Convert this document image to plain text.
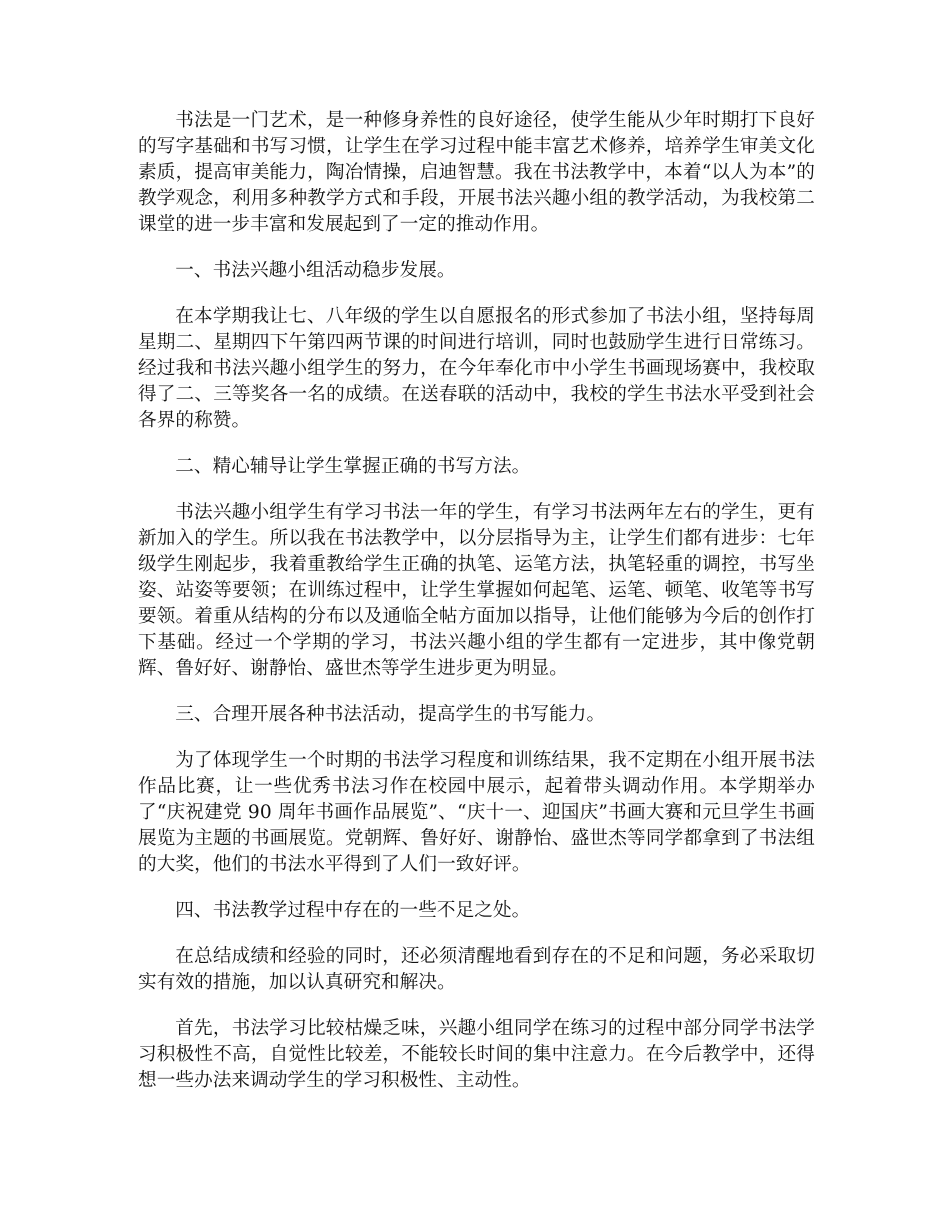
书法是一门艺术，是一种修身养性的良好途径，使学生能从少年时期打下良好的写字基础和书写习惯，让学生在学习过程中能丰富艺术修养，培养学生审美文化素质，提高审美能力，陶冶情操，启迪智慧。我在书法教学中，本着“以人为本”的教学观念，利用多种教学方式和手段，开展书法兴趣小组的教学活动，为我校第二课堂的进一步丰富和发展起到了一定的推动作用。

一、书法兴趣小组活动稳步发展。

在本学期我让七、八年级的学生以自愿报名的形式参加了书法小组，坚持每周星期二、星期四下午第四两节课的时间进行培训，同时也鼓励学生进行日常练习。经过我和书法兴趣小组学生的努力，在今年奉化市中小学生书画现场赛中，我校取得了二、三等奖各一名的成绩。在送春联的活动中，我校的学生书法水平受到社会各界的称赞。

二、精心辅导让学生掌握正确的书写方法。

书法兴趣小组学生有学习书法一年的学生，有学习书法两年左右的学生，更有新加入的学生。所以我在书法教学中，以分层指导为主，让学生们都有进步：七年级学生刚起步，我着重教给学生正确的执笔、运笔方法，执笔轻重的调控，书写坐姿、站姿等要领；在训练过程中，让学生掌握如何起笔、运笔、顿笔、收笔等书写要领。着重从结构的分布以及通临全帖方面加以指导，让他们能够为今后的创作打下基础。经过一个学期的学习，书法兴趣小组的学生都有一定进步，其中像党朝辉、鲁好好、谢静怡、盛世杰等学生进步更为明显。

三、合理开展各种书法活动，提高学生的书写能力。

为了体现学生一个时期的书法学习程度和训练结果，我不定期在小组开展书法作品比赛，让一些优秀书法习作在校园中展示，起着带头调动作用。本学期举办了“庆祝建党 90 周年书画作品展览”、“庆十一、迎国庆”书画大赛和元旦学生书画展览为主题的书画展览。党朝辉、鲁好好、谢静怡、盛世杰等同学都拿到了书法组的大奖，他们的书法水平得到了人们一致好评。

四、书法教学过程中存在的一些不足之处。

在总结成绩和经验的同时，还必须清醒地看到存在的不足和问题，务必采取切实有效的措施，加以认真研究和解决。

首先，书法学习比较枯燥乏味，兴趣小组同学在练习的过程中部分同学书法学习积极性不高，自觉性比较差，不能较长时间的集中注意力。在今后教学中，还得想一些办法来调动学生的学习积极性、主动性。
